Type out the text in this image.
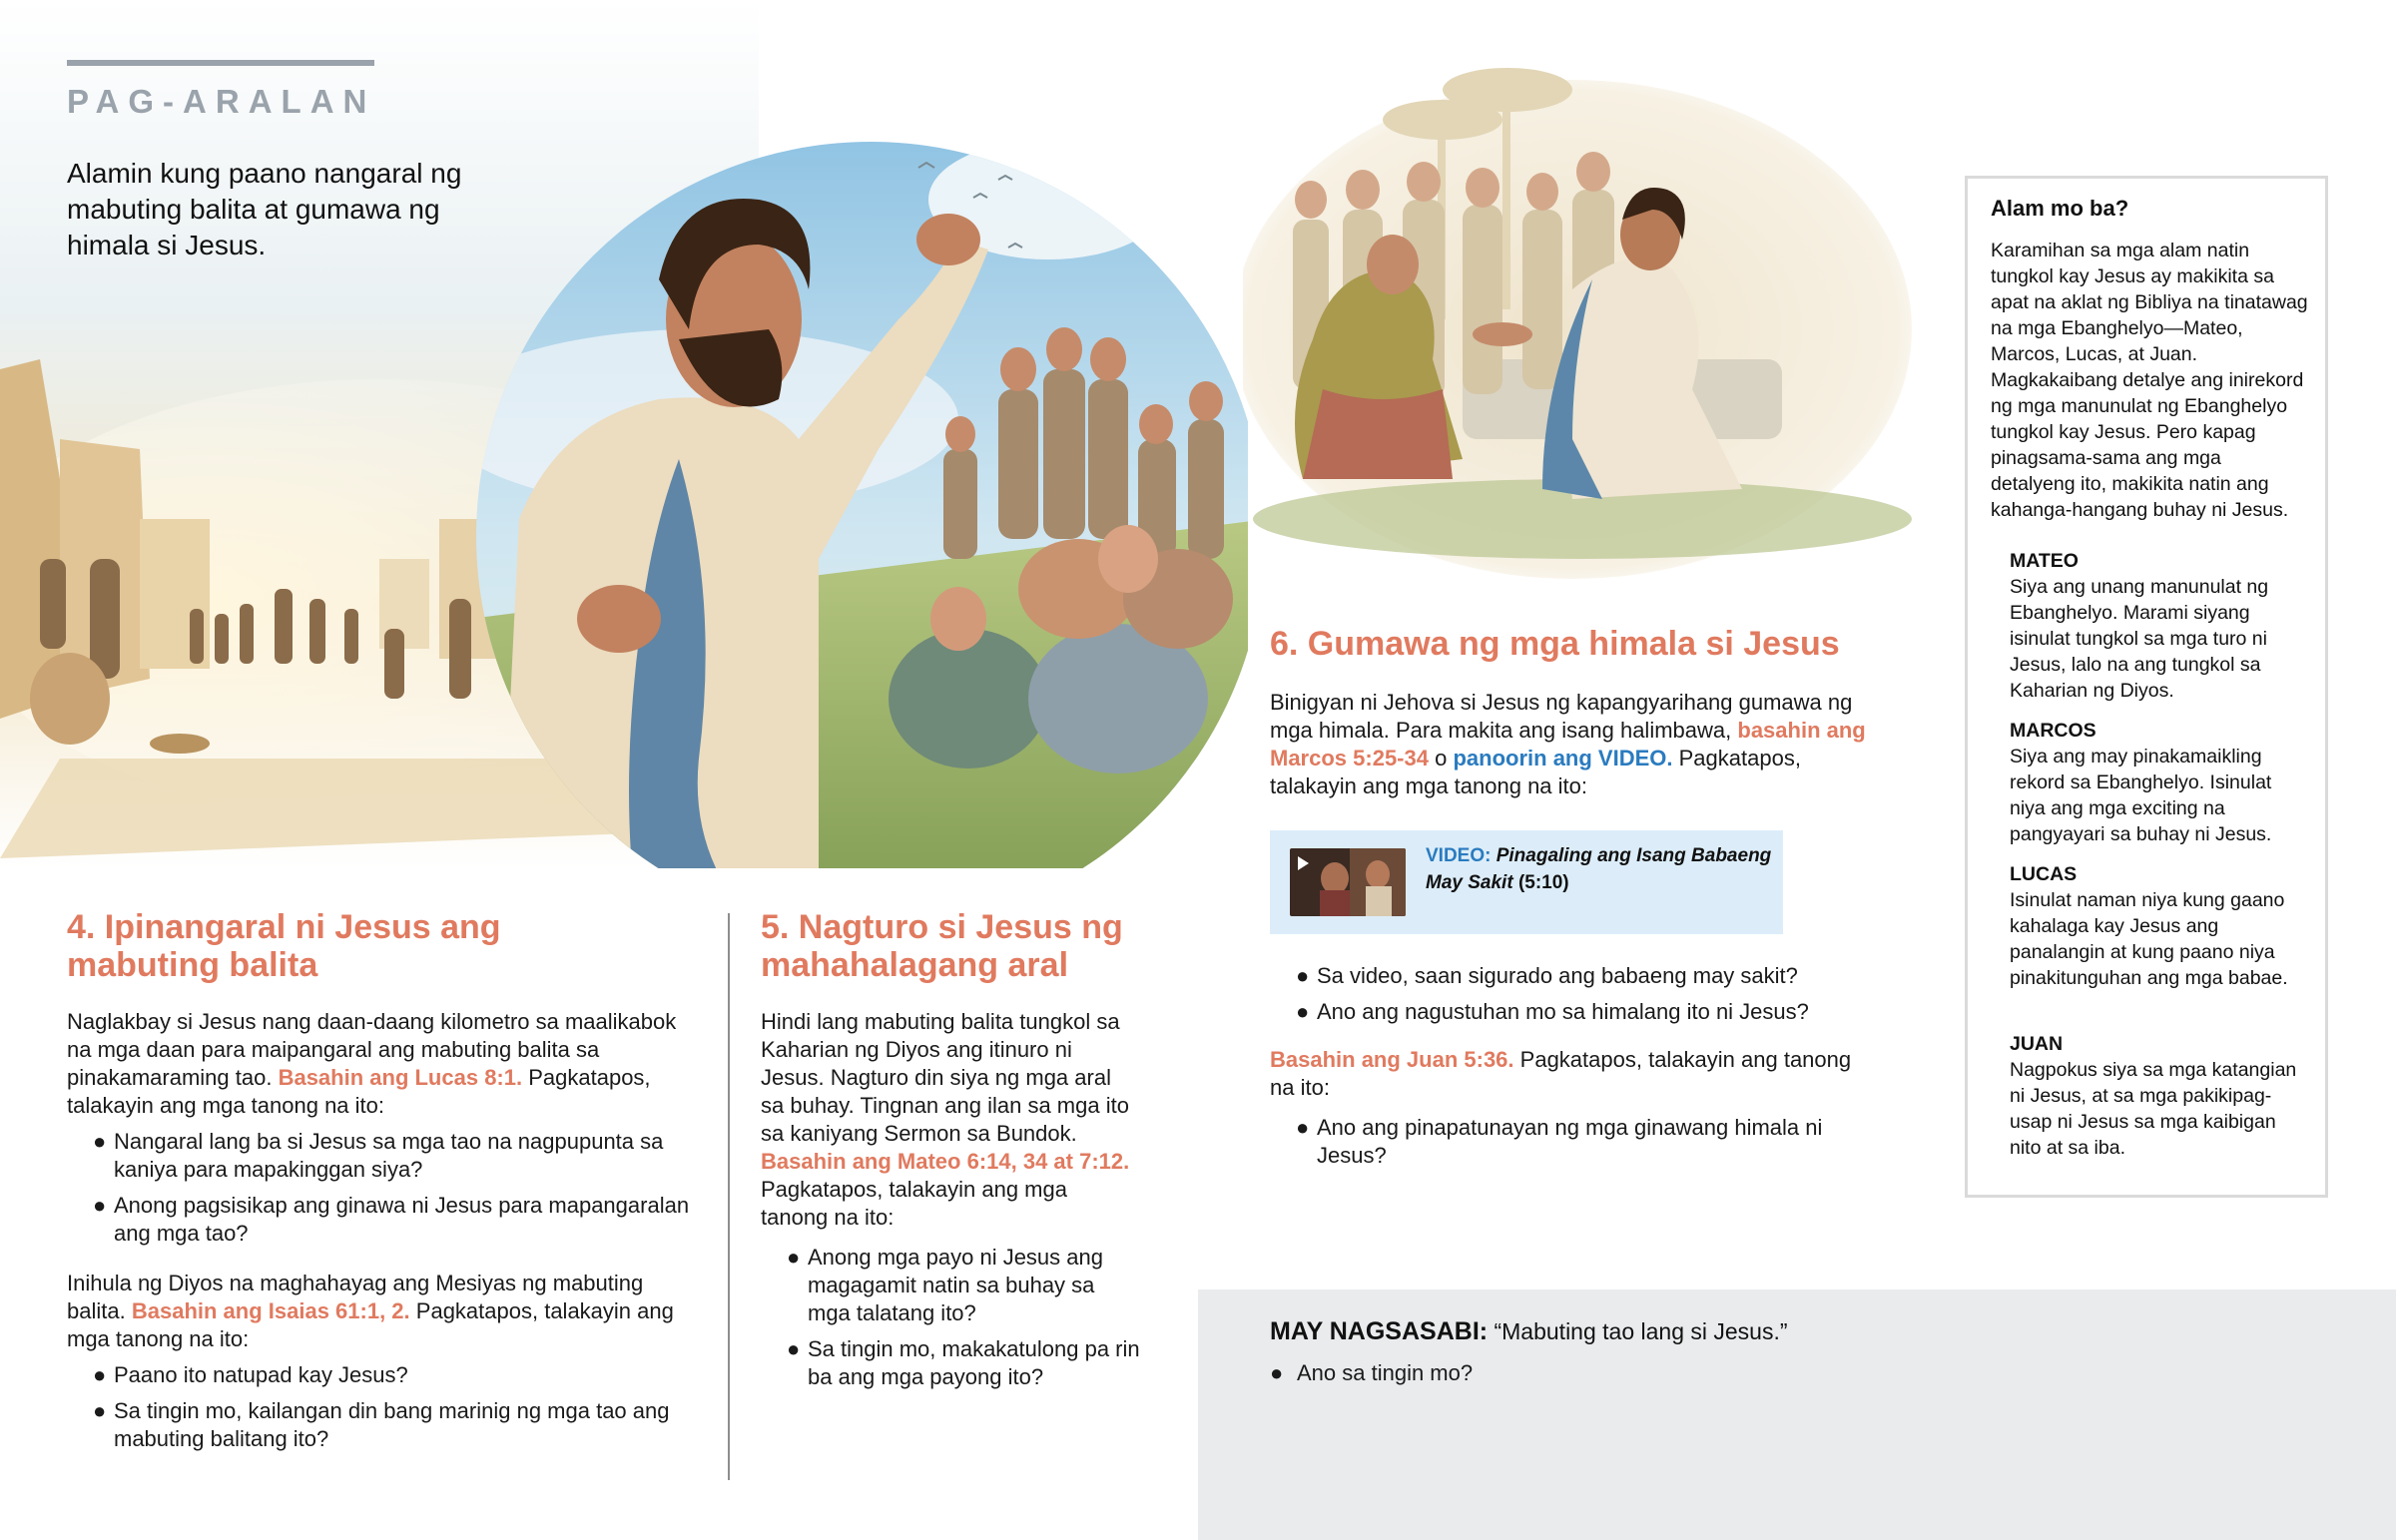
PAG-ARALAN
Alamin kung paano nangaral ng mabuting balita at gumawa ng himala si Jesus.
4. Ipinangaral ni Jesus ang mabuting balita

Naglakbay si Jesus nang daan-daang kilometro sa maalikabok na mga daan para maipangaral ang mabuting balita sa pinakamaraming tao. Basahin ang Lucas 8:1. Pagkatapos, talakayin ang mga tanong na ito:

● Nangaral lang ba si Jesus sa mga tao na nagpupunta sa kaniya para mapakinggan siya?
● Anong pagsisikap ang ginawa ni Jesus para mapangaralan ang mga tao?

Inihula ng Diyos na maghahayag ang Mesiyas ng mabuting balita. Basahin ang Isaias 61:1, 2. Pagkatapos, talakayin ang mga tanong na ito:

● Paano ito natupad kay Jesus?
● Sa tingin mo, kailangan din bang marinig ng mga tao ang mabuting balitang ito?
5. Nagturo si Jesus ng mahahalagang aral

Hindi lang mabuting balita tungkol sa Kaharian ng Diyos ang itinuro ni Jesus. Nagturo din siya ng mga aral sa buhay. Tingnan ang ilan sa mga ito sa kaniyang Sermon sa Bundok. Basahin ang Mateo 6:14, 34 at 7:12. Pagkatapos, talakayin ang mga tanong na ito:

● Anong mga payo ni Jesus ang magagamit natin sa buhay sa mga talatang ito?
● Sa tingin mo, makakatulong pa rin ba ang mga payong ito?
6. Gumawa ng mga himala si Jesus

Binigyan ni Jehova si Jesus ng kapangyarihang gumawa ng mga himala. Para makita ang isang halimbawa, basahin ang Marcos 5:25-34 o panoorin ang VIDEO. Pagkatapos, talakayin ang mga tanong na ito:

VIDEO: Pinagaling ang Isang Babaeng May Sakit (5:10)
● Sa video, saan sigurado ang babaeng may sakit?
● Ano ang nagustuhan mo sa himalang ito ni Jesus?

Basahin ang Juan 5:36. Pagkatapos, talakayin ang tanong na ito:

● Ano ang pinapatunayan ng mga ginawang himala ni Jesus?
Alam mo ba?
Karamihan sa mga alam natin tungkol kay Jesus ay makikita sa apat na aklat ng Bibliya na tinatawag na mga Ebanghelyo—Mateo, Marcos, Lucas, at Juan. Magkakaibang detalye ang inirekord ng mga manunulat ng Ebanghelyo tungkol kay Jesus. Pero kapag pinagsama-sama ang mga detalyeng ito, makikita natin ang kahanga-hangang buhay ni Jesus.
MATEO
Siya ang unang manunulat ng Ebanghelyo. Marami siyang isinulat tungkol sa mga turo ni Jesus, lalo na ang tungkol sa Kaharian ng Diyos.
MARCOS
Siya ang may pinakamaikling rekord sa Ebanghelyo. Isinulat niya ang mga exciting na pangyayari sa buhay ni Jesus.
LUCAS
Isinulat naman niya kung gaano kahalaga kay Jesus ang panalangin at kung paano niya pinakitunguhan ang mga babae.
JUAN
Nagpokus siya sa mga katangian ni Jesus, at sa mga pakikipag-usap ni Jesus sa mga kaibigan nito at sa iba.
MAY NAGSASABI: “Mabuting tao lang si Jesus.”
● Ano sa tingin mo?
